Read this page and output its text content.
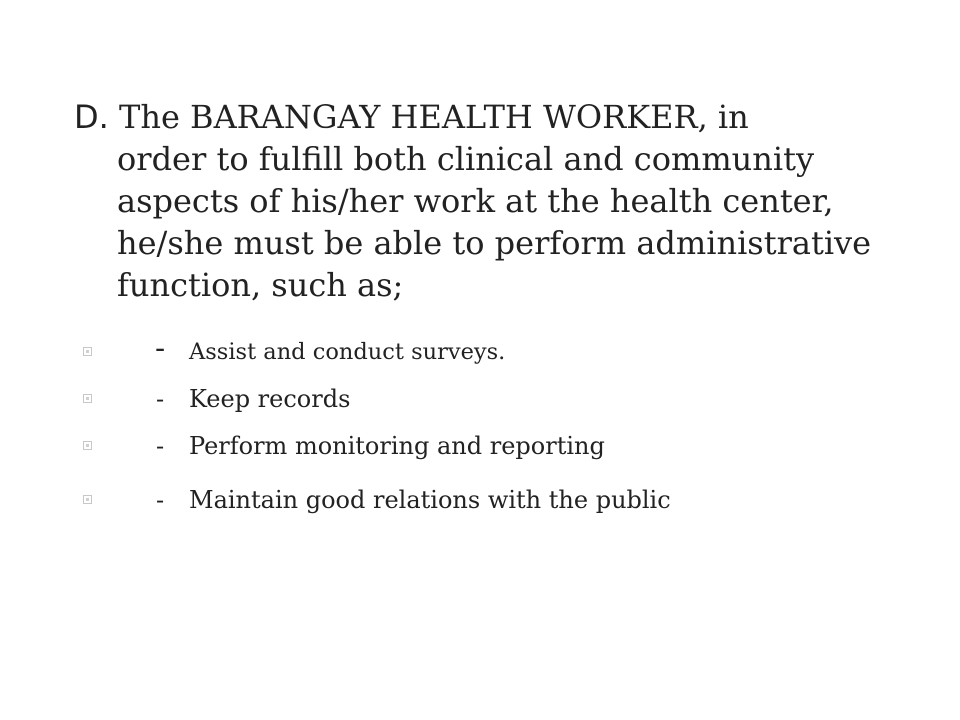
D. The BARANGAY HEALTH WORKER, in
order to fulfill both clinical and community
aspects of his/her work at the health center,
he/she must be able to perform administrative
function, such as;
- Assist and conduct surveys.
- Keep records
- Perform monitoring and reporting
- Maintain good relations with the public
